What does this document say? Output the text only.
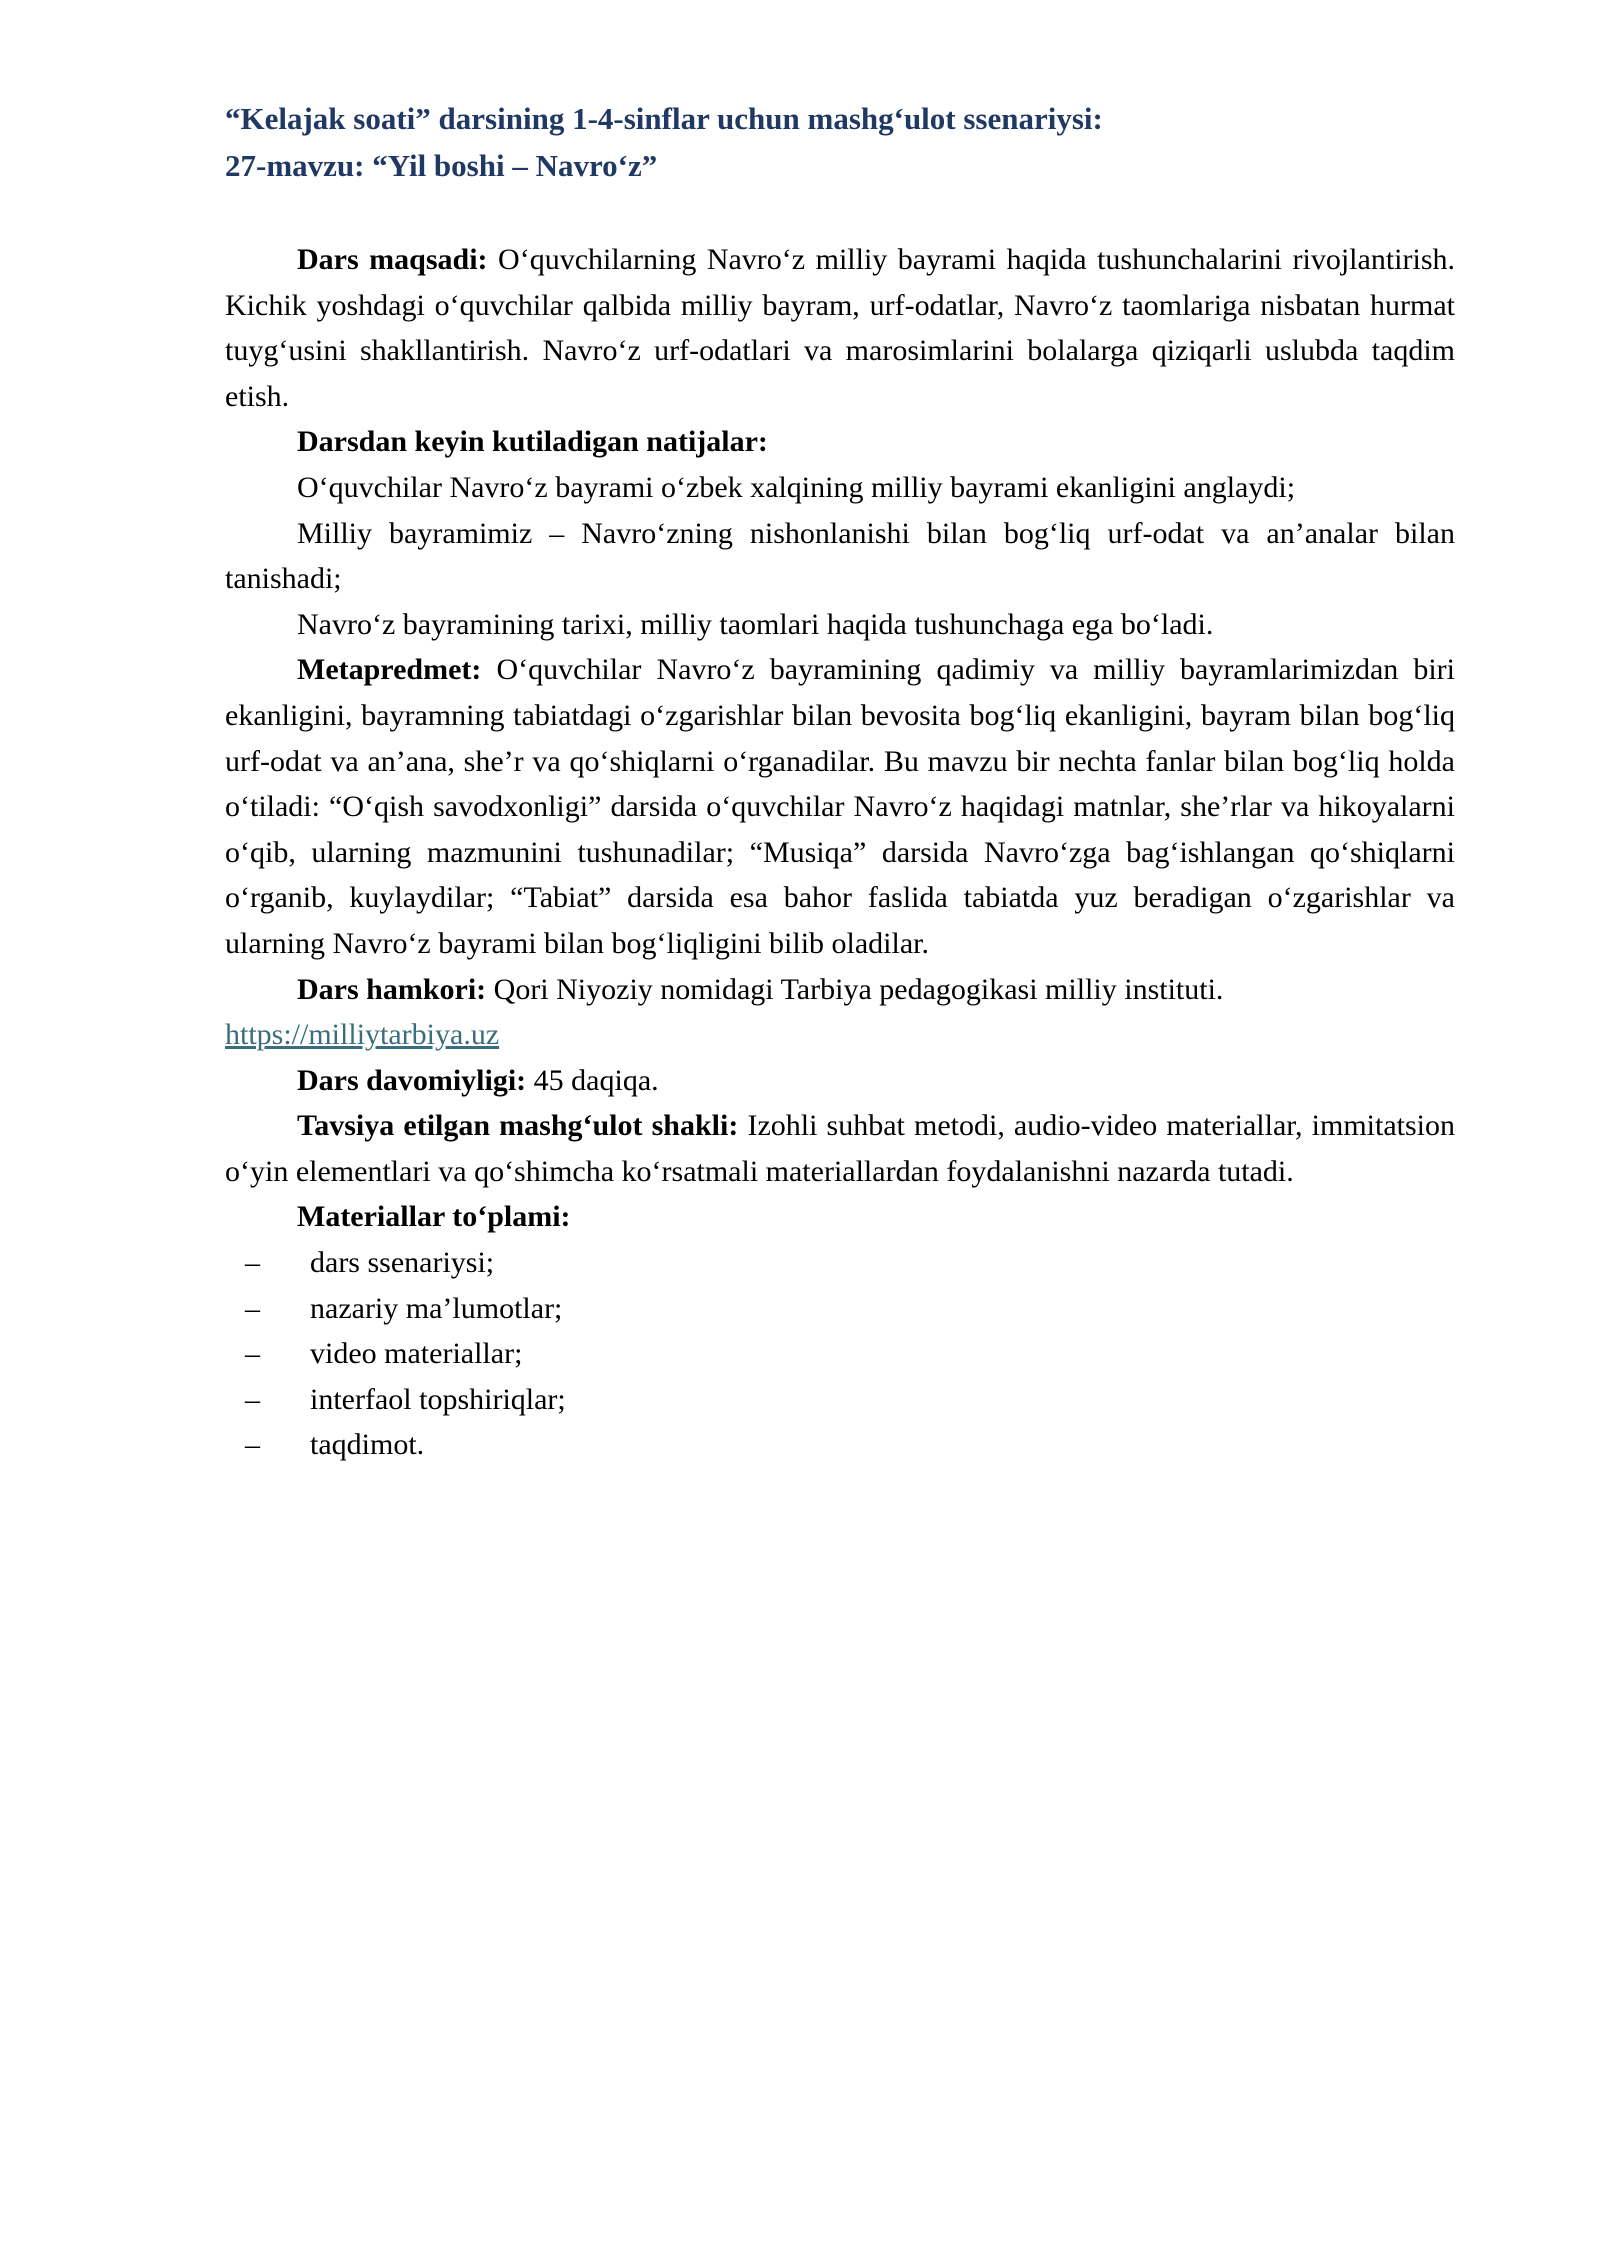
“Kelajak soati” darsining 1-4-sinflar uchun mashg‘ulot ssenariysi:
27-mavzu: “Yil boshi – Navro‘z”

Dars maqsadi: O‘quvchilarning Navro‘z milliy bayrami haqida tushunchalarini rivojlantirish. Kichik yoshdagi o‘quvchilar qalbida milliy bayram, urf-odatlar, Navro‘z taomlariga nisbatan hurmat tuyg‘usini shakllantirish. Navro‘z urf-odatlari va marosimlarini bolalarga qiziqarli uslubda taqdim etish.

Darsdan keyin kutiladigan natijalar:

O‘quvchilar Navro‘z bayrami o‘zbek xalqining milliy bayrami ekanligini anglaydi;

Milliy bayramimiz – Navro‘zning nishonlanishi bilan bog‘liq urf-odat va an’analar bilan tanishadi;

Navro‘z bayramining tarixi, milliy taomlari haqida tushunchaga ega bo‘ladi.

Metapredmet: O‘quvchilar Navro‘z bayramining qadimiy va milliy bayramlarimizdan biri ekanligini, bayramning tabiatdagi o‘zgarishlar bilan bevosita bog‘liq ekanligini, bayram bilan bog‘liq urf-odat va an’ana, she’r va qo‘shiqlarni o‘rganadilar. Bu mavzu bir nechta fanlar bilan bog‘liq holda o‘tiladi: “O‘qish savodxonligi” darsida o‘quvchilar Navro‘z haqidagi matnlar, she’rlar va hikoyalarni o‘qib, ularning mazmunini tushunadilar; “Musiqa” darsida Navro‘zga bag‘ishlangan qo‘shiqlarni o‘rganib, kuylaydilar; “Tabiat” darsida esa bahor faslida tabiatda yuz beradigan o‘zgarishlar va ularning Navro‘z bayrami bilan bog‘liqligini bilib oladilar.

Dars hamkori: Qori Niyoziy nomidagi Tarbiya pedagogikasi milliy instituti.

https://milliytarbiya.uz

Dars davomiyligi: 45 daqiqa.

Tavsiya etilgan mashg‘ulot shakli: Izohli suhbat metodi, audio-video materiallar, immitatsion o‘yin elementlari va qo‘shimcha ko‘rsatmali materiallardan foydalanishni nazarda tutadi.

Materiallar to‘plami:

– dars ssenariysi;
– nazariy ma’lumotlar;
– video materiallar;
– interfaol topshiriqlar;
– taqdimot.
